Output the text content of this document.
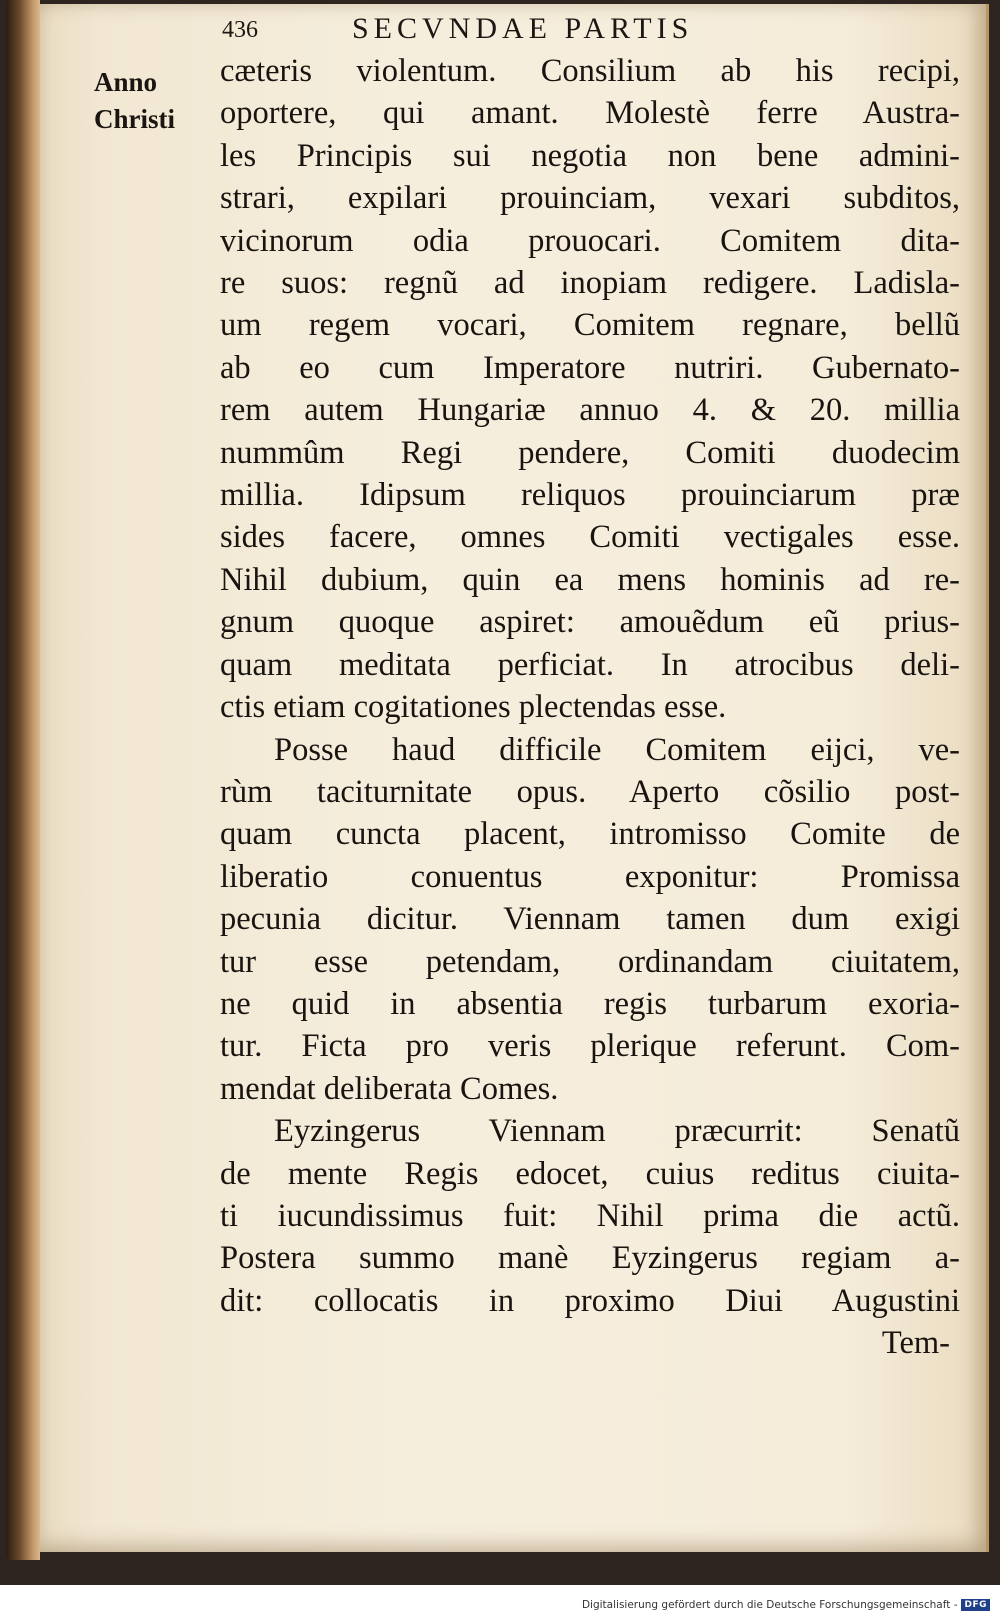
436	SECVNDAE PARTIS
Anno
Christi
cæteris violentum. Consilium ab his recipi,
oportere, qui amant. Molestè ferre Austra-
les Principis sui negotia non bene admini-
strari, expilari prouinciam, vexari subditos,
vicinorum odia prouocari. Comitem dita-
re suos: regnũ ad inopiam redigere. Ladisla-
um regem vocari, Comitem regnare, bellũ
ab eo cum Imperatore nutriri. Gubernato-
rem autem Hungariæ annuo 4. & 20. millia
nummûm Regi pendere, Comiti duodecim
millia. Idipsum reliquos prouinciarum præ
sides facere, omnes Comiti vectigales esse.
Nihil dubium, quin ea mens hominis ad re-
gnum quoque aspiret: amouẽdum eũ prius-
quam meditata perficiat. In atrocibus deli-
ctis etiam cogitationes plectendas esse.
Posse haud difficile Comitem eijci, ve-
rùm taciturnitate opus. Aperto cõsilio post-
quam cuncta placent, intromisso Comite de
liberatio conuentus exponitur: Promissa
pecunia dicitur. Viennam tamen dum exigi
tur esse petendam, ordinandam ciuitatem,
ne quid in absentia regis turbarum exoria-
tur. Ficta pro veris plerique referunt. Com-
mendat deliberata Comes.
Eyzingerus Viennam præcurrit: Senatũ
de mente Regis edocet, cuius reditus ciuita-
ti iucundissimus fuit: Nihil prima die actũ.
Postera summo manè Eyzingerus regiam a-
dit: collocatis in proximo Diui Augustini
Tem-
Digitalisierung gefördert durch die Deutsche Forschungsgemeinschaft - DFG
